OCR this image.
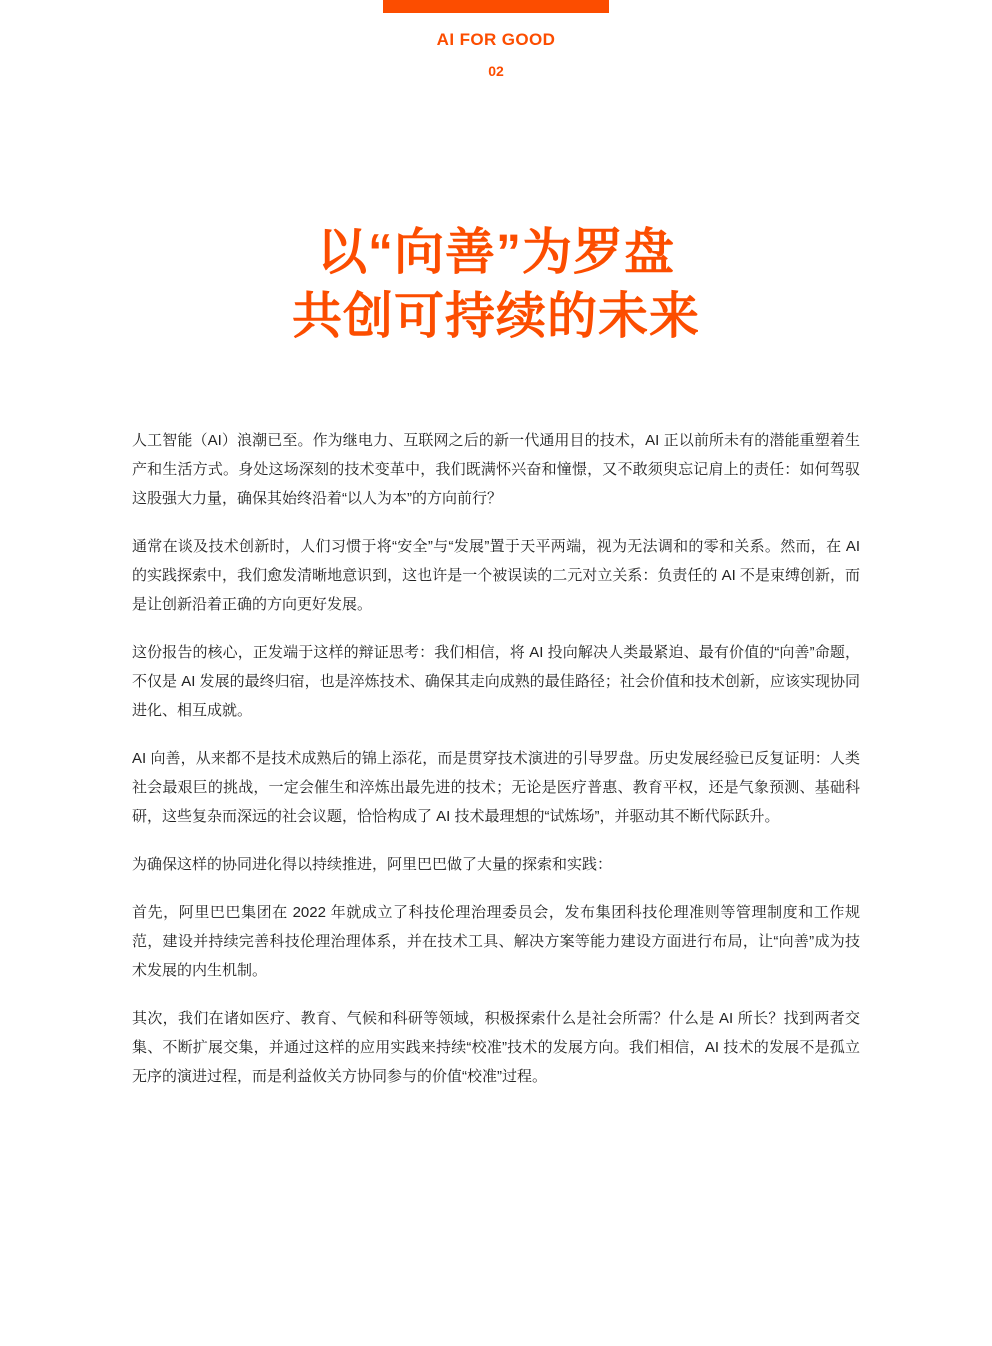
AI FOR GOOD
02
以“向善”为罗盘
共创可持续的未来

人工智能（AI）浪潮已至。作为继电力、互联网之后的新一代通用目的技术，AI 正以前所未有的潜能重塑着生产和生活方式。身处这场深刻的技术变革中，我们既满怀兴奋和憧憬，又不敢须臾忘记肩上的责任：如何驾驭这股强大力量，确保其始终沿着“以人为本”的方向前行？

通常在谈及技术创新时，人们习惯于将“安全”与“发展”置于天平两端，视为无法调和的零和关系。然而，在 AI 的实践探索中，我们愈发清晰地意识到，这也许是一个被误读的二元对立关系：负责任的 AI 不是束缚创新，而是让创新沿着正确的方向更好发展。

这份报告的核心，正发端于这样的辩证思考：我们相信，将 AI 投向解决人类最紧迫、最有价值的“向善”命题，不仅是 AI 发展的最终归宿，也是淬炼技术、确保其走向成熟的最佳路径；社会价值和技术创新，应该实现协同进化、相互成就。

AI 向善，从来都不是技术成熟后的锦上添花，而是贯穿技术演进的引导罗盘。历史发展经验已反复证明：人类社会最艰巨的挑战，一定会催生和淬炼出最先进的技术；无论是医疗普惠、教育平权，还是气象预测、基础科研，这些复杂而深远的社会议题，恰恰构成了 AI 技术最理想的“试炼场”，并驱动其不断代际跃升。

为确保这样的协同进化得以持续推进，阿里巴巴做了大量的探索和实践：

首先，阿里巴巴集团在 2022 年就成立了科技伦理治理委员会，发布集团科技伦理准则等管理制度和工作规范，建设并持续完善科技伦理治理体系，并在技术工具、解决方案等能力建设方面进行布局，让“向善”成为技术发展的内生机制。

其次，我们在诸如医疗、教育、气候和科研等领域，积极探索什么是社会所需？什么是 AI 所长？找到两者交集、不断扩展交集，并通过这样的应用实践来持续“校准”技术的发展方向。我们相信，AI 技术的发展不是孤立无序的演进过程，而是利益攸关方协同参与的价值“校准”过程。
